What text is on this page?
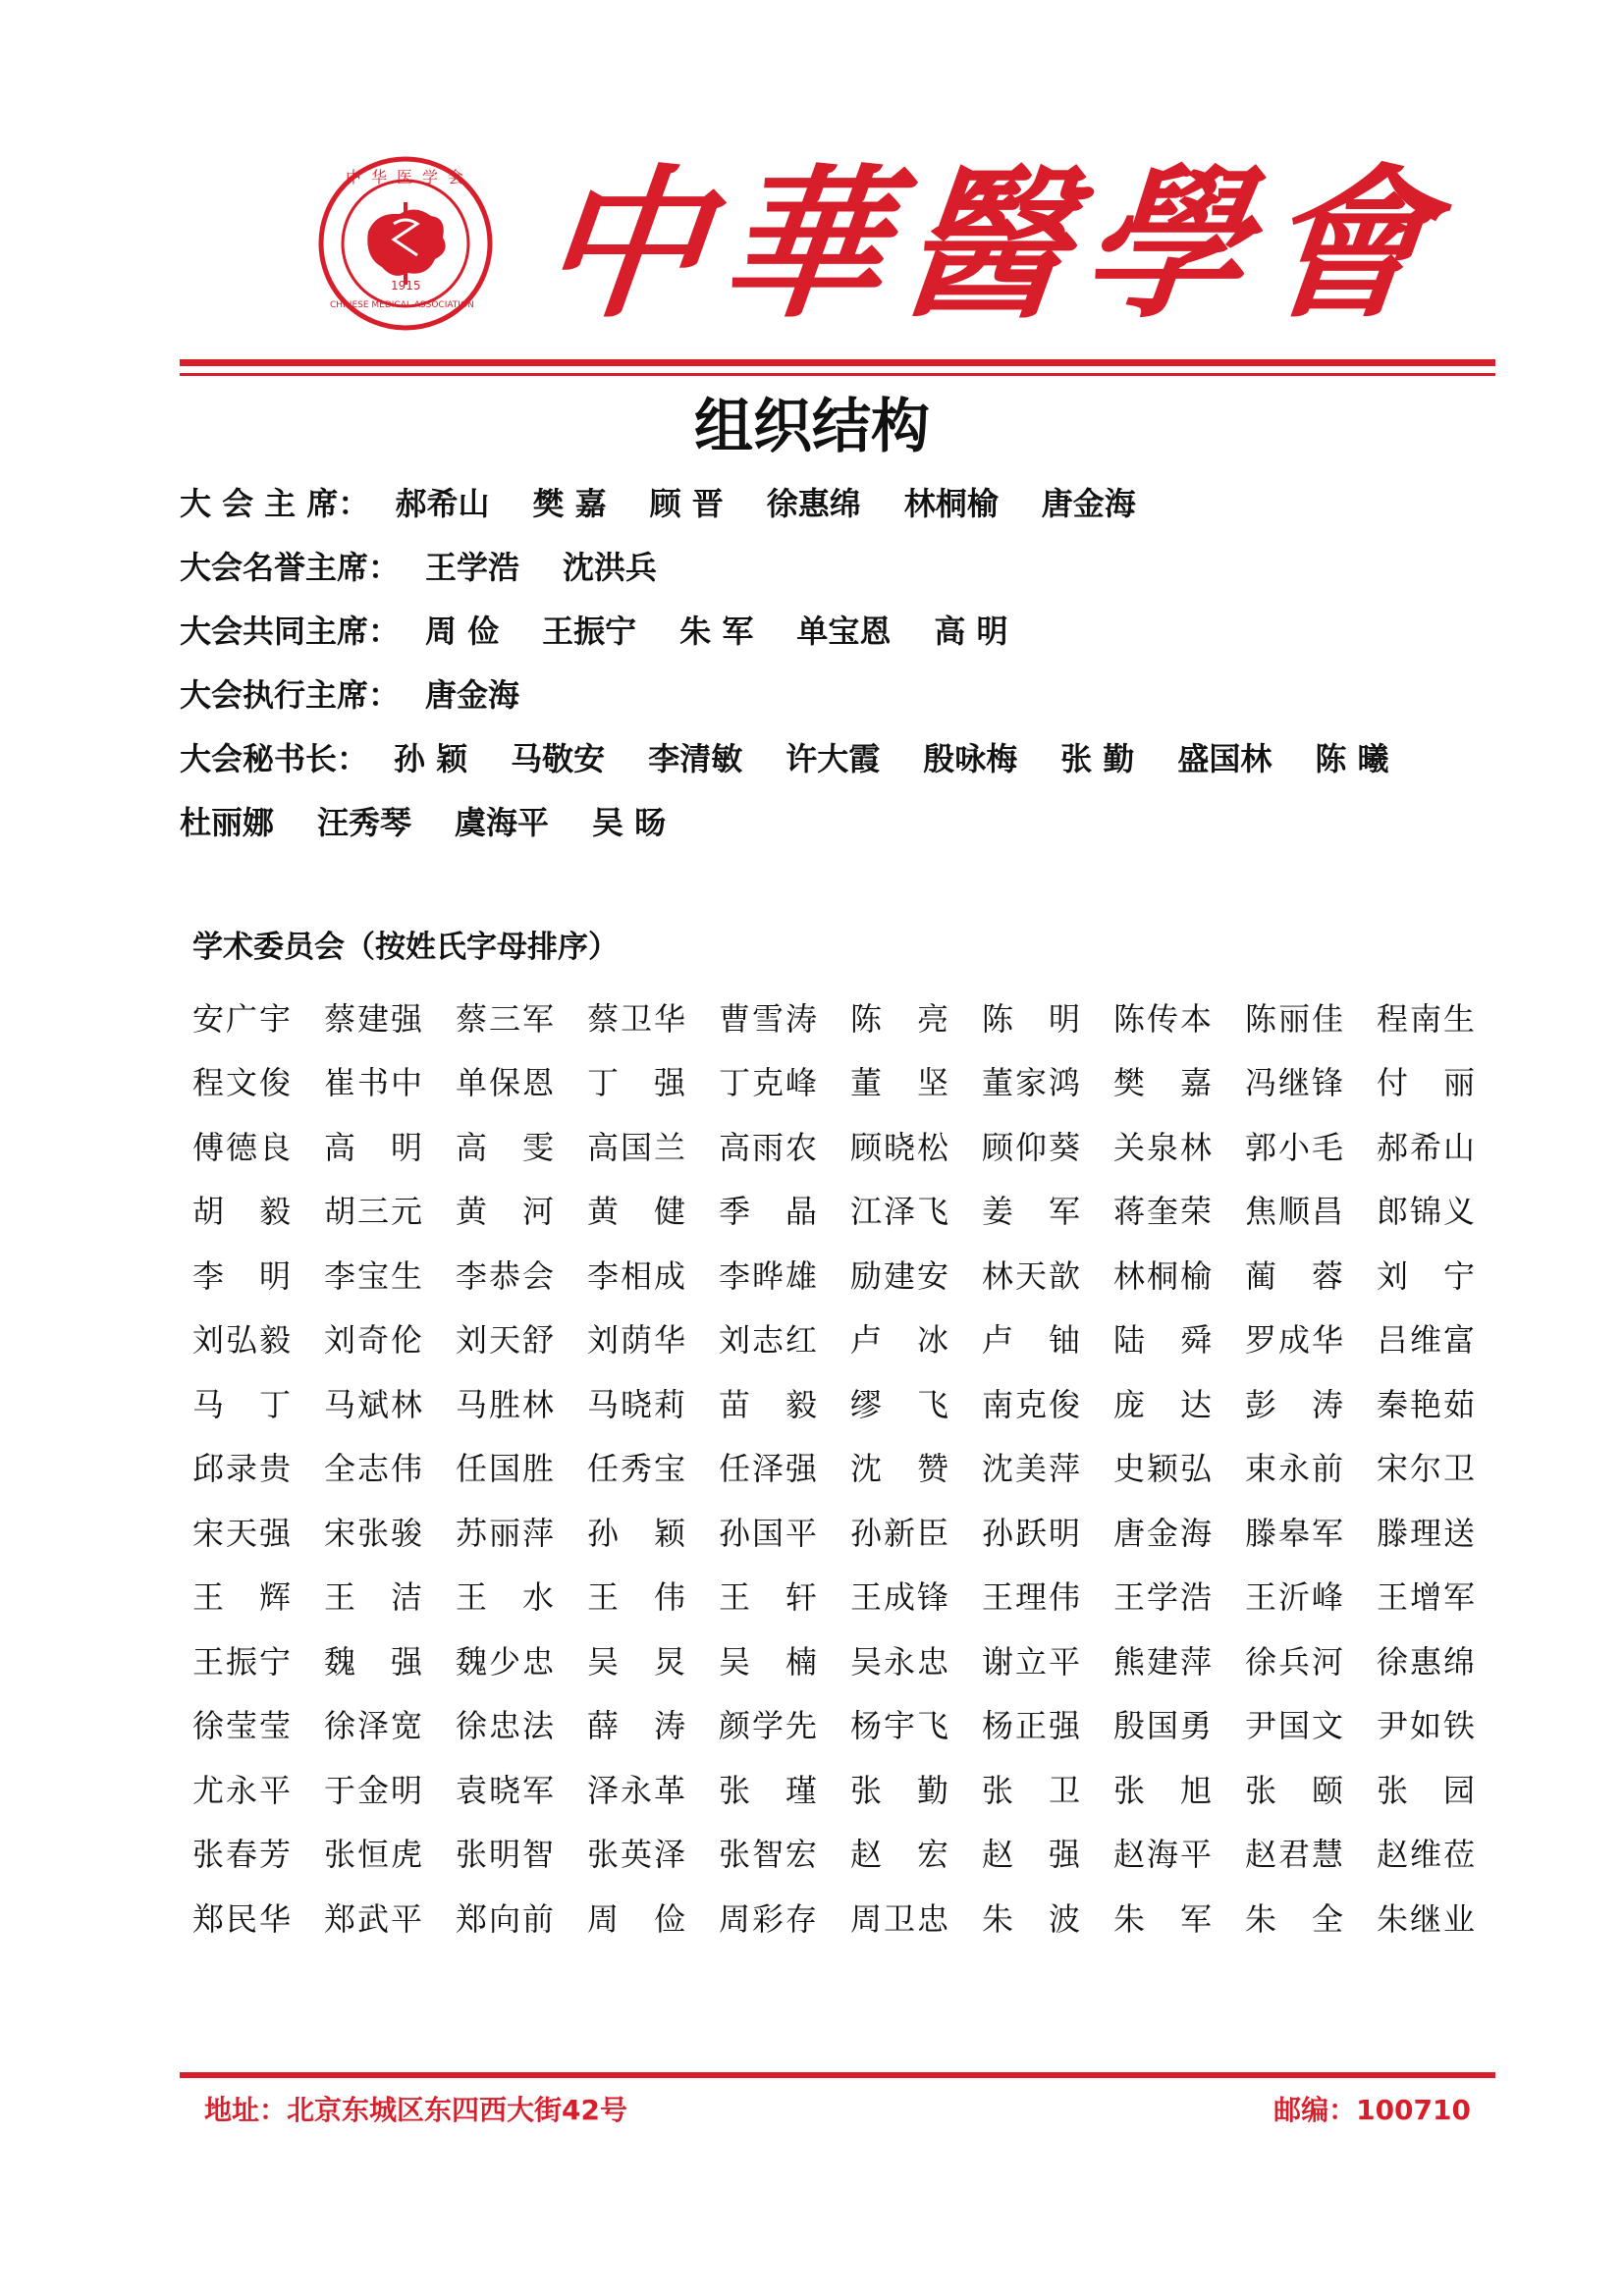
中华医学会
1915
CHINESE MEDICAL ASSOCIATION 中華醫學會
组织结构
大 会 主 席： 郝希山 樊 嘉 顾 晋 徐惠绵 林桐榆 唐金海
大会名誉主席： 王学浩 沈洪兵
大会共同主席： 周 俭 王振宁 朱 军 单宝恩 高 明
大会执行主席： 唐金海
大会秘书长： 孙 颖 马敬安 李清敏 许大霞 殷咏梅 张 勤 盛国林 陈 曦
杜丽娜 汪秀琴 虞海平 吴 旸
学术委员会（按姓氏字母排序）
安广宇	蔡建强	蔡三军	蔡卫华	曹雪涛	陈亮	陈明	陈传本	陈丽佳	程南生
程文俊	崔书中	单保恩	丁强	丁克峰	董坚	董家鸿	樊嘉	冯继锋	付丽
傅德良	高明	高雯	高国兰	高雨农	顾晓松	顾仰葵	关泉林	郭小毛	郝希山
胡毅	胡三元	黄河	黄健	季晶	江泽飞	姜军	蒋奎荣	焦顺昌	郎锦义
李明	李宝生	李恭会	李相成	李晔雄	励建安	林天歆	林桐榆	蔺蓉	刘宁
刘弘毅	刘奇伦	刘天舒	刘荫华	刘志红	卢冰	卢铀	陆舜	罗成华	吕维富
马丁	马斌林	马胜林	马晓莉	苗毅	缪飞	南克俊	庞达	彭涛	秦艳茹
邱录贵	全志伟	任国胜	任秀宝	任泽强	沈赞	沈美萍	史颖弘	束永前	宋尔卫
宋天强	宋张骏	苏丽萍	孙颖	孙国平	孙新臣	孙跃明	唐金海	滕皋军	滕理送
王辉	王洁	王水	王伟	王轩	王成锋	王理伟	王学浩	王沂峰	王增军
王振宁	魏强	魏少忠	吴炅	吴楠	吴永忠	谢立平	熊建萍	徐兵河	徐惠绵
徐莹莹	徐泽宽	徐忠法	薛涛	颜学先	杨宇飞	杨正强	殷国勇	尹国文	尹如铁
尤永平	于金明	袁晓军	泽永革	张瑾	张勤	张卫	张旭	张颐	张园
张春芳	张恒虎	张明智	张英泽	张智宏	赵宏	赵强	赵海平	赵君慧	赵维莅
郑民华	郑武平	郑向前	周俭	周彩存	周卫忠	朱波	朱军	朱全	朱继业
地址：北京东城区东四西大街42号	邮编：100710
